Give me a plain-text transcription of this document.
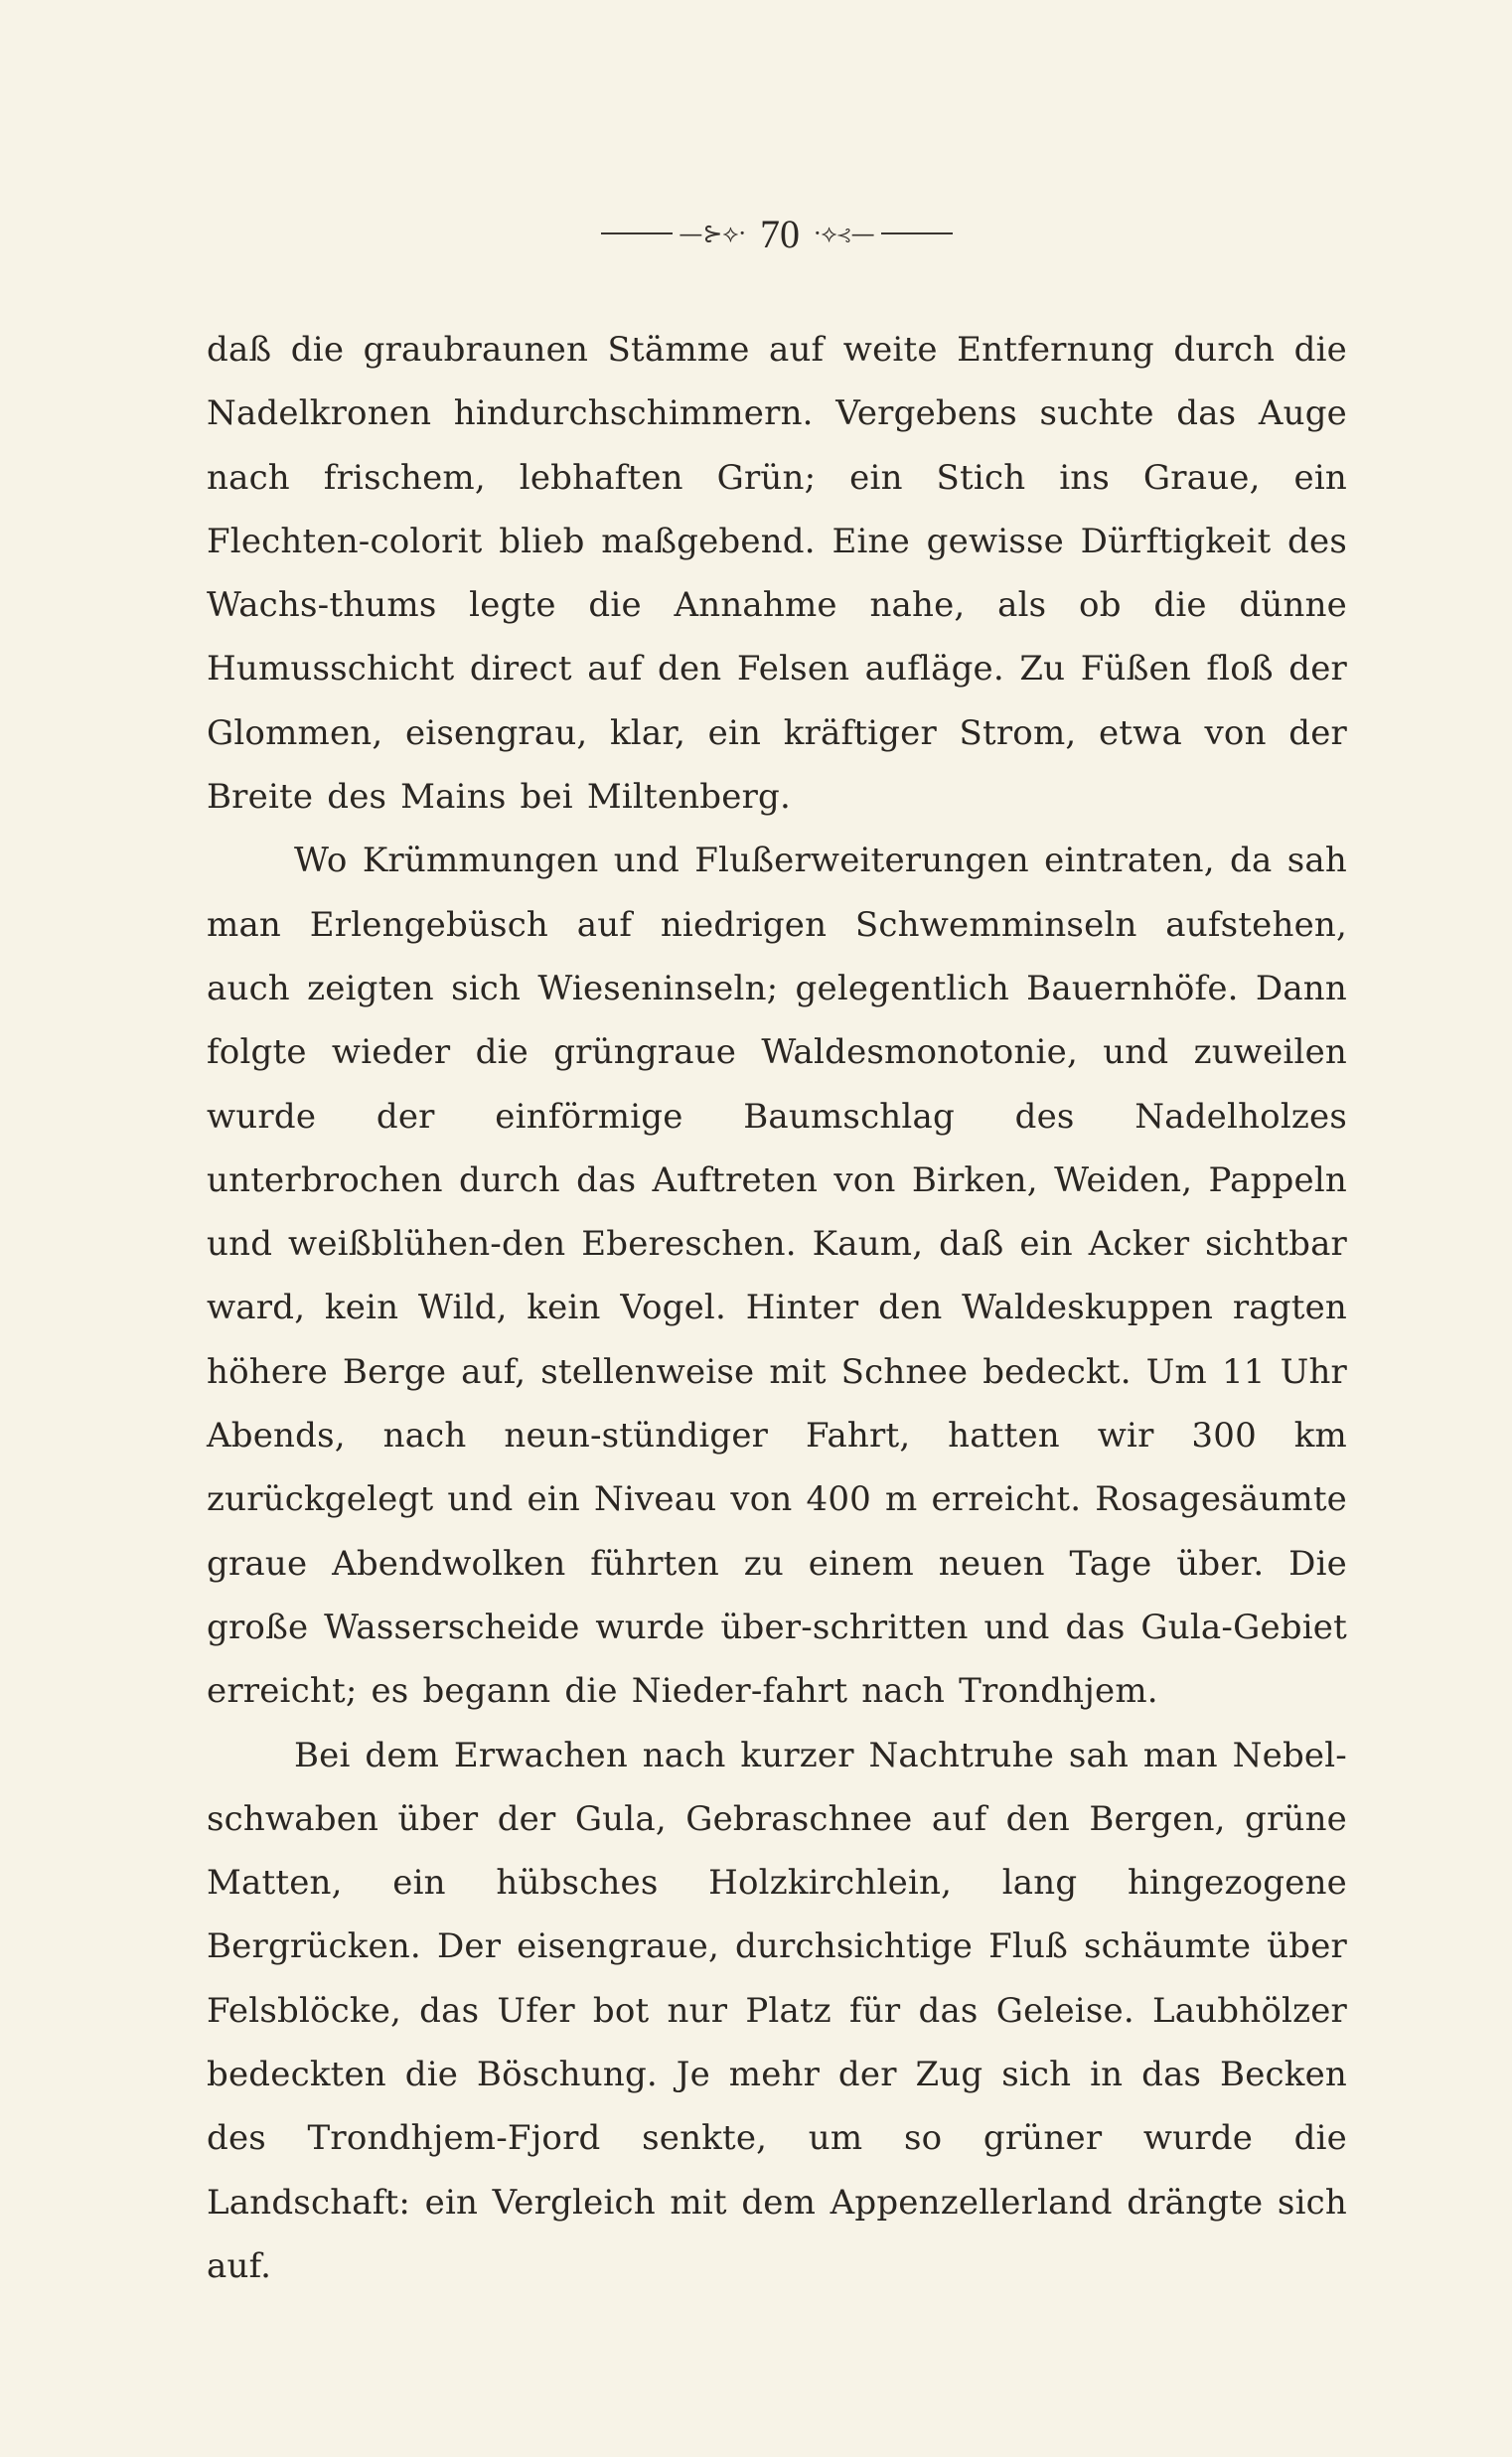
—⊱⟡· 70 ·⟡⊰—

daß die graubraunen Stämme auf weite Entfernung durch die Nadelkronen hindurchschimmern. Vergebens suchte das Auge nach frischem, lebhaften Grün; ein Stich ins Graue, ein Flechten-colorit blieb maßgebend. Eine gewisse Dürftigkeit des Wachs-thums legte die Annahme nahe, als ob die dünne Humusschicht direct auf den Felsen aufläge. Zu Füßen floß der Glommen, eisengrau, klar, ein kräftiger Strom, etwa von der Breite des Mains bei Miltenberg.

Wo Krümmungen und Flußerweiterungen eintraten, da sah man Erlengebüsch auf niedrigen Schwemminseln aufstehen, auch zeigten sich Wieseninseln; gelegentlich Bauernhöfe. Dann folgte wieder die grüngraue Waldesmonotonie, und zuweilen wurde der einförmige Baumschlag des Nadelholzes unterbrochen durch das Auftreten von Birken, Weiden, Pappeln und weißblühen-den Ebereschen. Kaum, daß ein Acker sichtbar ward, kein Wild, kein Vogel. Hinter den Waldeskuppen ragten höhere Berge auf, stellenweise mit Schnee bedeckt. Um 11 Uhr Abends, nach neun-stündiger Fahrt, hatten wir 300 km zurückgelegt und ein Niveau von 400 m erreicht. Rosagesäumte graue Abendwolken führten zu einem neuen Tage über. Die große Wasserscheide wurde über-schritten und das Gula-Gebiet erreicht; es begann die Nieder-fahrt nach Trondhjem.

Bei dem Erwachen nach kurzer Nachtruhe sah man Nebel-schwaben über der Gula, Gebraschnee auf den Bergen, grüne Matten, ein hübsches Holzkirchlein, lang hingezogene Bergrücken. Der eisengraue, durchsichtige Fluß schäumte über Felsblöcke, das Ufer bot nur Platz für das Geleise. Laubhölzer bedeckten die Böschung. Je mehr der Zug sich in das Becken des Trondhjem-Fjord senkte, um so grüner wurde die Landschaft: ein Vergleich mit dem Appenzellerland drängte sich auf.
